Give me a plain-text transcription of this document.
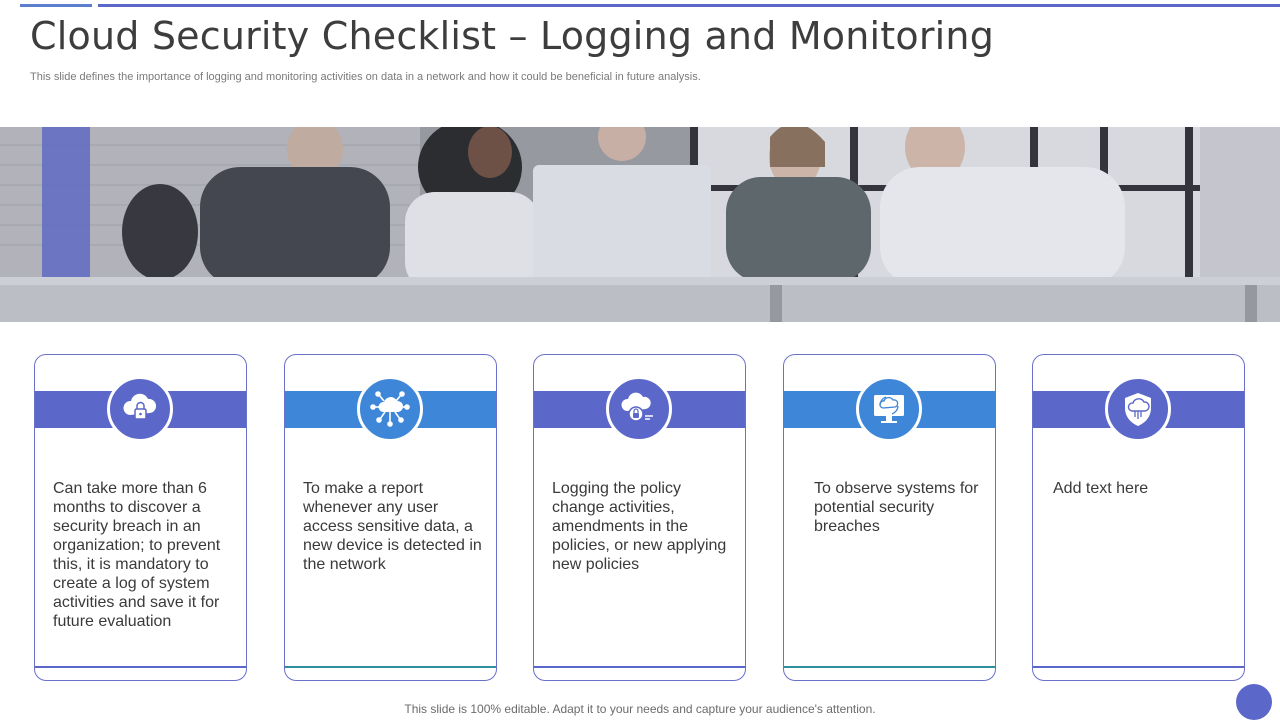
Cloud Security Checklist – Logging and Monitoring
This slide defines the importance of logging and monitoring activities on data in a network and how it could be beneficial in future analysis.
Can take more than 6 months to discover a security breach in an organization; to prevent this, it is mandatory to create a log of system activities and save it for future evaluation
To make a report whenever any user access sensitive data, a new device is detected in the network
Logging the policy change activities, amendments in the policies, or new applying new policies
To observe systems for potential security breaches
Add text here
This slide is 100% editable. Adapt it to your needs and capture your audience's attention.
